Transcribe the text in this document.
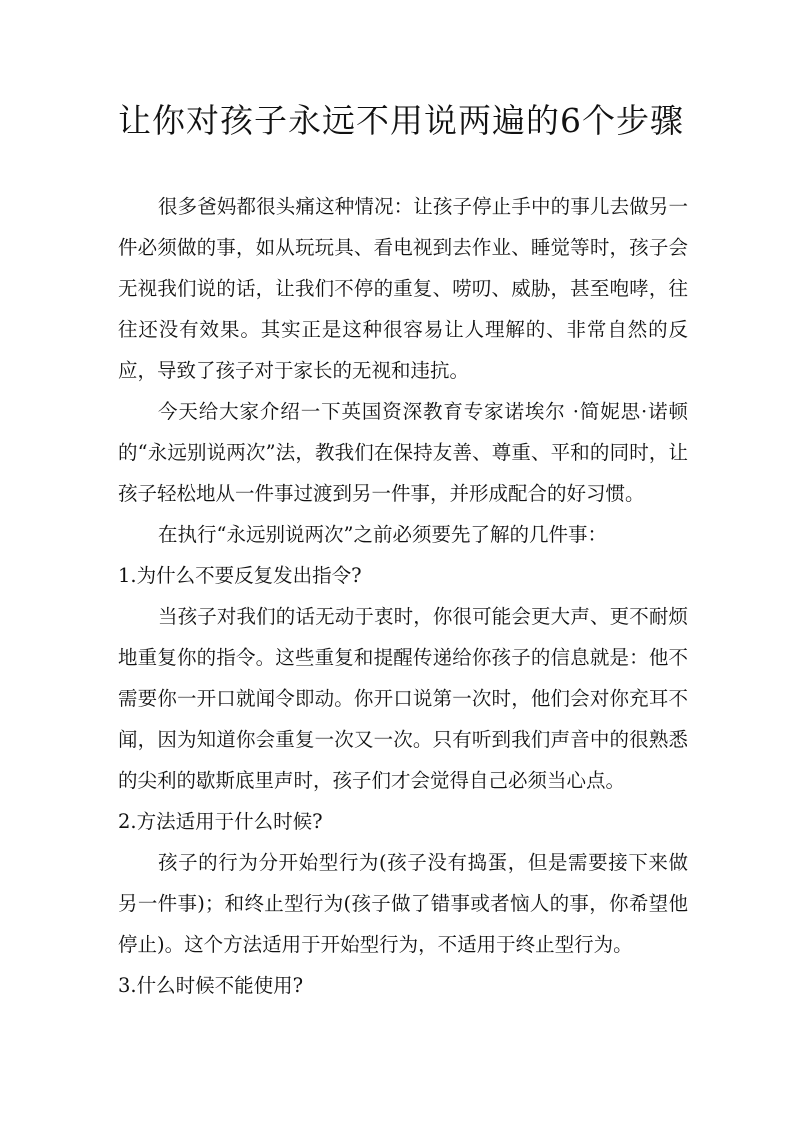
让你对孩子永远不用说两遍的6个步骤

很多爸妈都很头痛这种情况：让孩子停止手中的事儿去做另一件必须做的事，如从玩玩具、看电视到去作业、睡觉等时，孩子会无视我们说的话，让我们不停的重复、唠叨、威胁，甚至咆哮，往往还没有效果。其实正是这种很容易让人理解的、非常自然的反应，导致了孩子对于家长的无视和违抗。

今天给大家介绍一下英国资深教育专家诺埃尔 ·简妮思·诺顿的“永远别说两次”法，教我们在保持友善、尊重、平和的同时，让孩子轻松地从一件事过渡到另一件事，并形成配合的好习惯。

在执行“永远别说两次”之前必须要先了解的几件事：

1.为什么不要反复发出指令?

当孩子对我们的话无动于衷时，你很可能会更大声、更不耐烦地重复你的指令。这些重复和提醒传递给你孩子的信息就是：他不需要你一开口就闻令即动。你开口说第一次时，他们会对你充耳不闻，因为知道你会重复一次又一次。只有听到我们声音中的很熟悉的尖利的歇斯底里声时，孩子们才会觉得自己必须当心点。

2.方法适用于什么时候?

孩子的行为分开始型行为(孩子没有捣蛋，但是需要接下来做另一件事)；和终止型行为(孩子做了错事或者恼人的事，你希望他停止)。这个方法适用于开始型行为，不适用于终止型行为。

3.什么时候不能使用?
